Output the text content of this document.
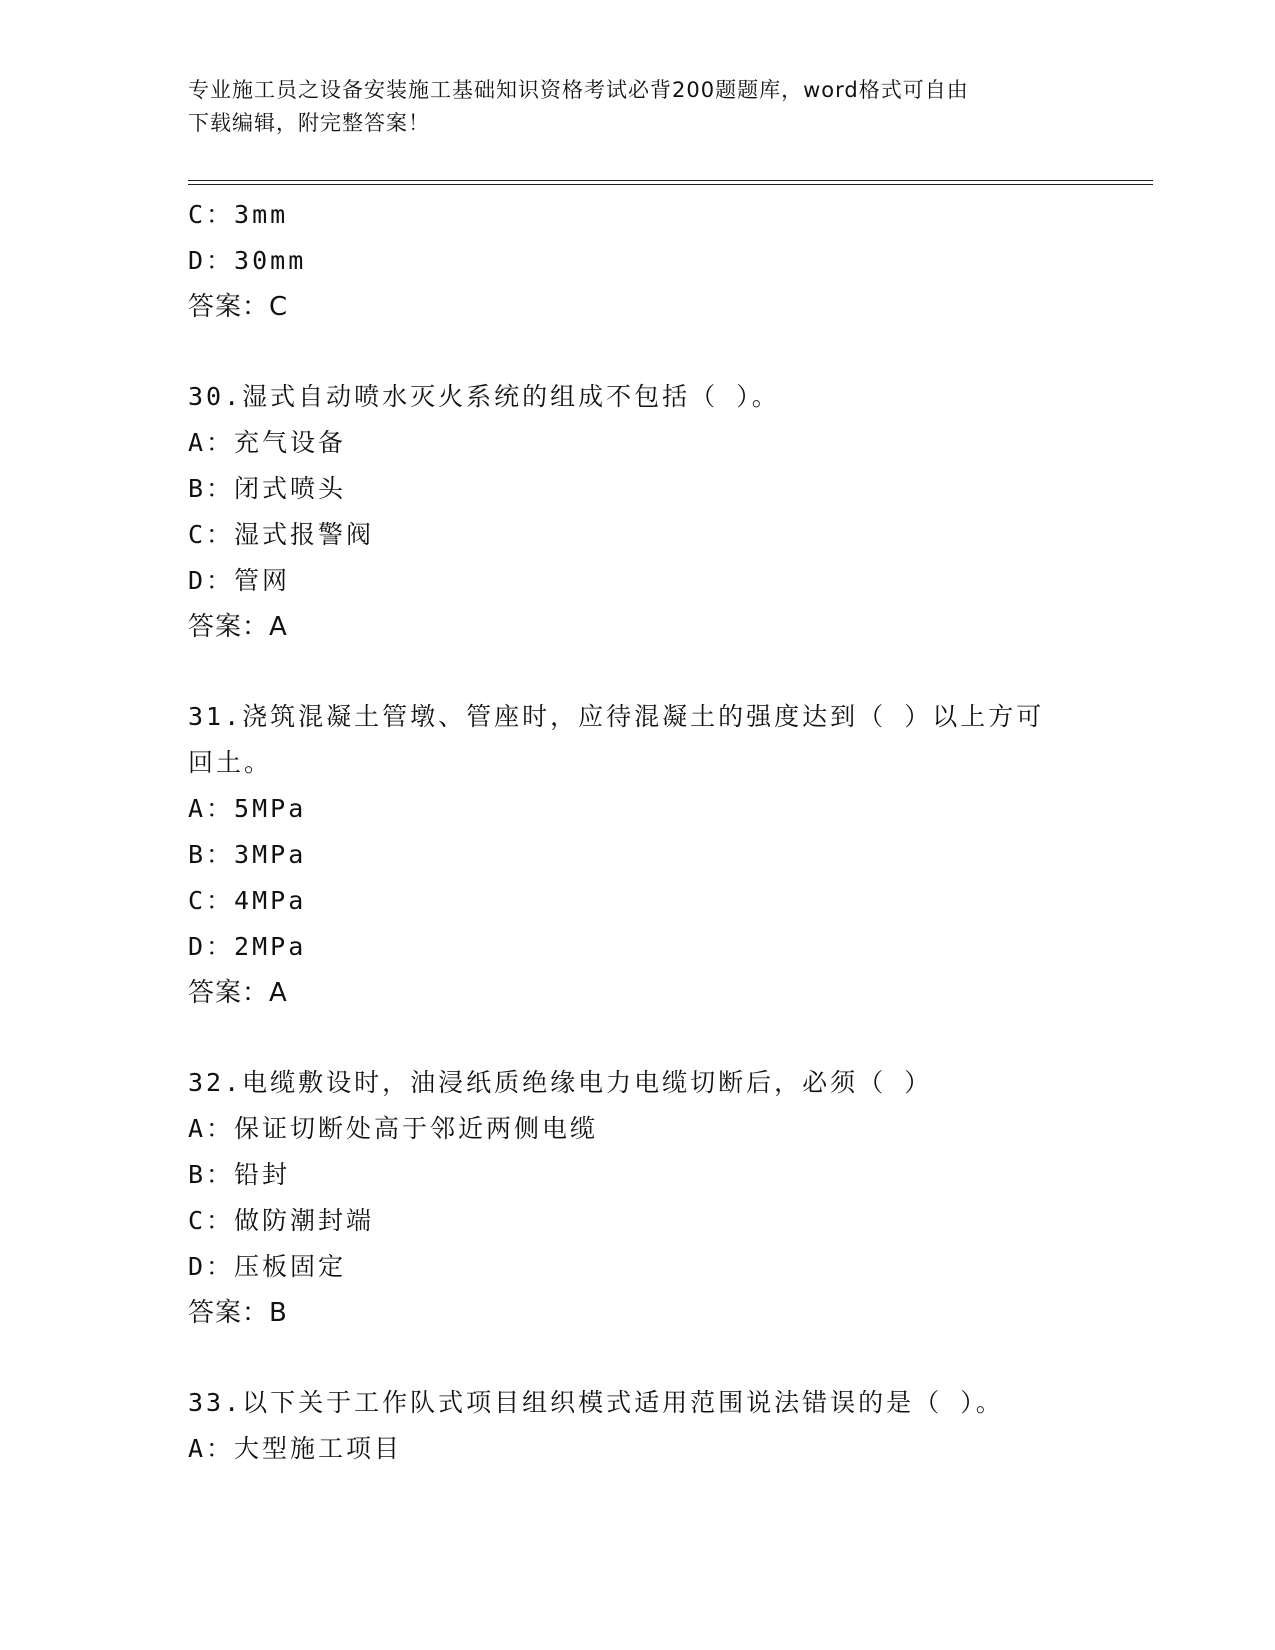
专业施工员之设备安装施工基础知识资格考试必背200题题库，word格式可自由
下载编辑，附完整答案！
C：3mm
D：30mm
答案：C
30.湿式自动喷水灭火系统的组成不包括（ ）。
A：充气设备
B：闭式喷头
C：湿式报警阀
D：管网
答案：A
31.浇筑混凝土管墩、管座时，应待混凝土的强度达到（ ）以上方可
回土。
A：5MPa
B：3MPa
C：4MPa
D：2MPa
答案：A
32.电缆敷设时，油浸纸质绝缘电力电缆切断后，必须（ ）
A：保证切断处高于邻近两侧电缆
B：铅封
C：做防潮封端
D：压板固定
答案：B
33.以下关于工作队式项目组织模式适用范围说法错误的是（ ）。
A：大型施工项目
